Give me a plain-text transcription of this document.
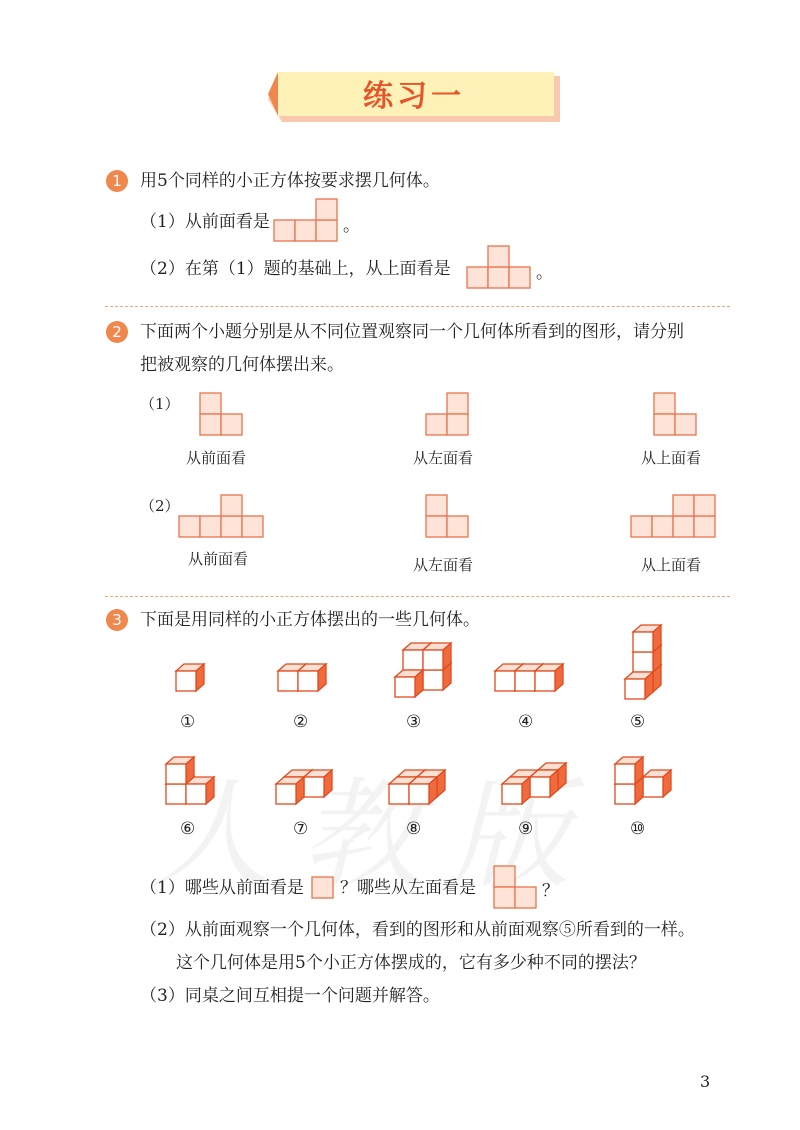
练习一
1	用5个同样的小正方体按要求摆几何体。
（1）从前面看是	。
（2）在第（1）题的基础上，从上面看是	。
2	下面两个小题分别是从不同位置观察同一个几何体所看到的图形，请分别
把被观察的几何体摆出来。
（1）
从前面看	从左面看	从上面看
（2）
从前面看	从左面看	从上面看
3	下面是用同样的小正方体摆出的一些几何体。
①	②	③	④	⑤
⑥	⑦	⑧	⑨	⑩
（1）哪些从前面看是 ？哪些从左面看是	？
（2）从前面观察一个几何体，看到的图形和从前面观察⑤所看到的一样。
这个几何体是用5个小正方体摆成的，它有多少种不同的摆法？
（3）同桌之间互相提一个问题并解答。
3
